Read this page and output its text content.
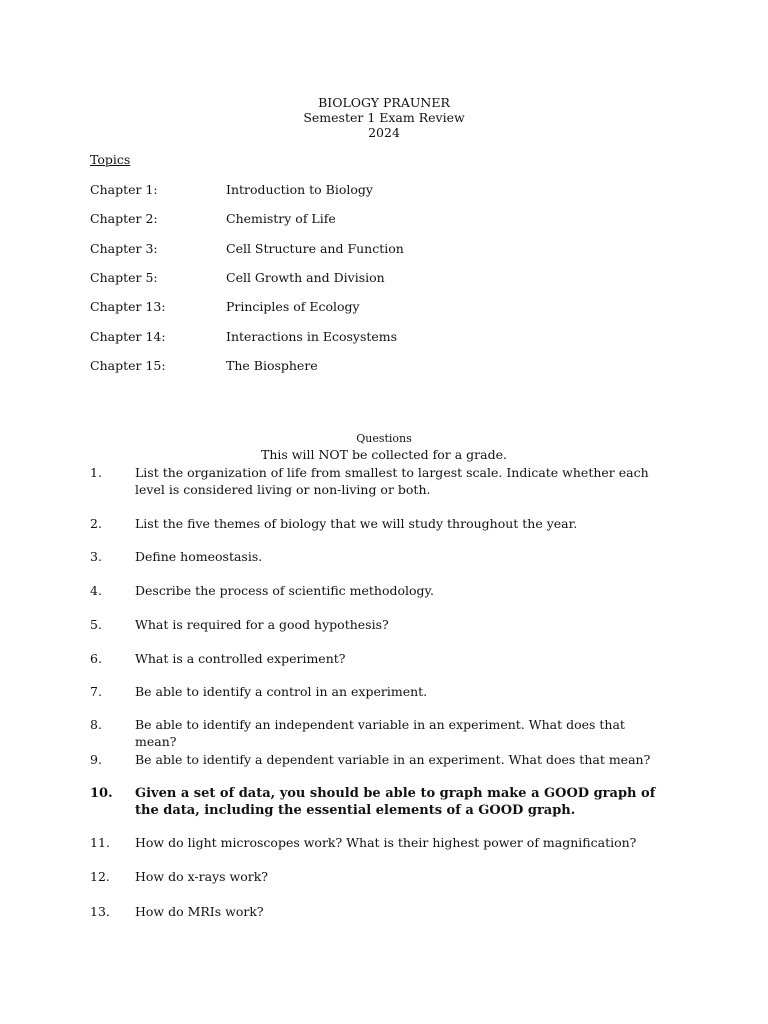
BIOLOGY PRAUNER
Semester 1 Exam Review
2024
Topics
Chapter 1:	Introduction to Biology
Chapter 2:	Chemistry of Life
Chapter 3:	Cell Structure and Function
Chapter 5:	Cell Growth and Division
Chapter 13:	Principles of Ecology
Chapter 14:	Interactions in Ecosystems
Chapter 15:	The Biosphere
Questions
This will NOT be collected for a grade.
1.	List the organization of life from smallest to largest scale. Indicate whether each level is considered living or non-living or both.
2.	List the five themes of biology that we will study throughout the year.
3.	Define homeostasis.
4.	Describe the process of scientific methodology.
5.	What is required for a good hypothesis?
6.	What is a controlled experiment?
7.	Be able to identify a control in an experiment.
8.	Be able to identify an independent variable in an experiment. What does that mean?
9.	Be able to identify a dependent variable in an experiment. What does that mean?
10. Given a set of data, you should be able to graph make a GOOD graph of the data, including the essential elements of a GOOD graph.
11. How do light microscopes work? What is their highest power of magnification?
12. How do x-rays work?
13. How do MRIs work?
